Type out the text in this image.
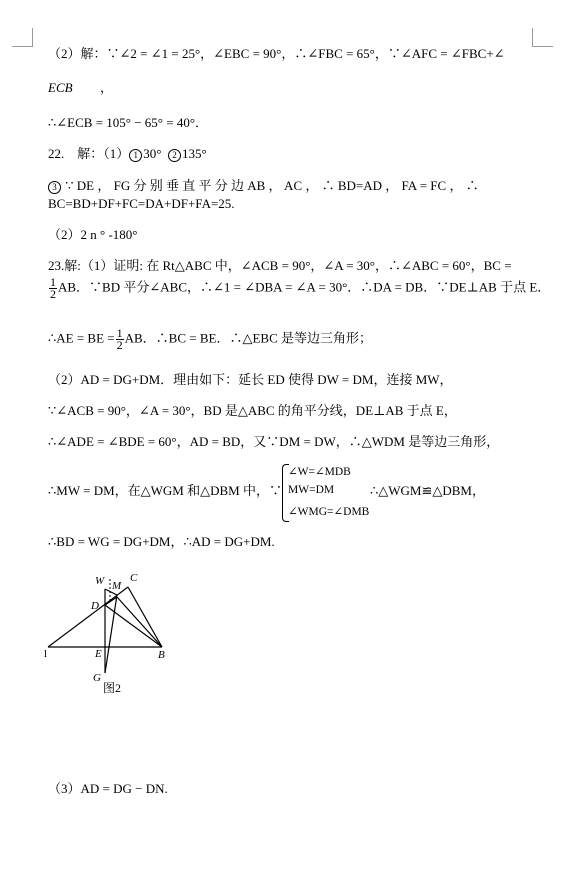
（2）解：∵∠2 = ∠1 = 25°，∠EBC = 90°，∴∠FBC = 65°，∵∠AFC = ∠FBC+∠
ECB ，
∴∠ECB = 105° − 65° = 40°．
22. 解：（1） 1 30° 2 135°
3 ∵ DE ， FG 分 别 垂 直 平 分 边 AB ， AC ， ∴ BD=AD ， FA = FC ， ∴
BC=BD+DF+FC=DA+DF+FA=25.
（2）2 n ° -180°
23.解:（1）证明: 在 Rt△ABC 中，∠ACB = 90°，∠A = 30°，∴∠ABC = 60°，BC =
$\frac{1}{2}$ AB．∵BD 平分∠ABC，∴∠1 = ∠DBA = ∠A = 30°．∴DA = DB．∵DE⊥AB 于点 E．
∴AE = BE = $\frac{1}{2}$ AB．∴BC = BE．∴△EBC 是等边三角形；
（2）AD = DG+DM．理由如下：延长 ED 使得 DW = DM，连接 MW，
∵∠ACB = 90°，∠A = 30°，BD 是△ABC 的角平分线，DE⊥AB 于点 E，
∴∠ADE = ∠BDE = 60°，AD = BD，又∵DM = DW，∴△WDM 是等边三角形，
∴MW = DM，在△WGM 和△DBM 中，∵
∠W=∠MDB
MW=DM
∠WMG=∠DMB
∴△WGM≌△DBM，
∴BD = WG = DG+DM，∴AD = DG+DM.
W M
C
D
l	E	B
G
图2
（3）AD = DG − DN.
